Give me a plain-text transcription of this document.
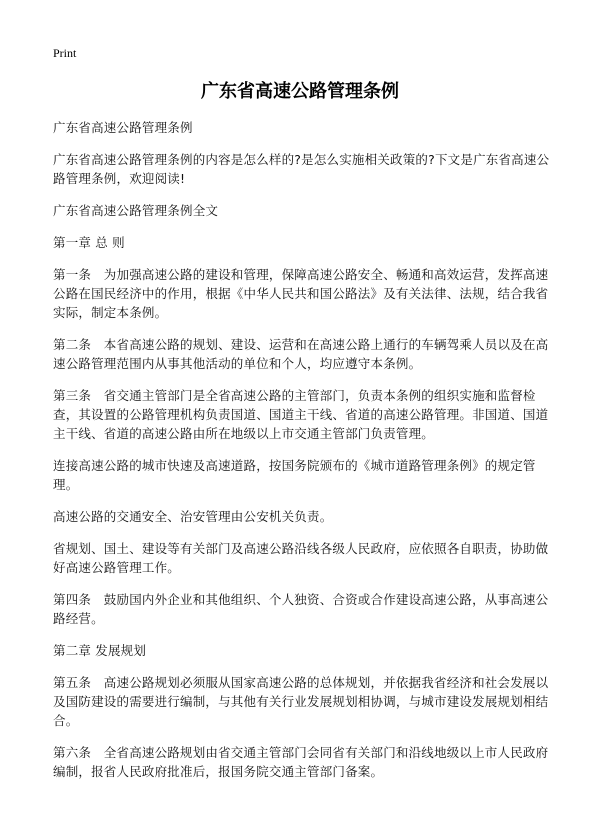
Print
广东省高速公路管理条例

广东省高速公路管理条例

广东省高速公路管理条例的内容是怎么样的?是怎么实施相关政策的?下文是广东省高速公路管理条例，欢迎阅读!

广东省高速公路管理条例全文

第一章 总 则

第一条　为加强高速公路的建设和管理，保障高速公路安全、畅通和高效运营，发挥高速公路在国民经济中的作用，根据《中华人民共和国公路法》及有关法律、法规，结合我省实际，制定本条例。

第二条　本省高速公路的规划、建设、运营和在高速公路上通行的车辆驾乘人员以及在高速公路管理范围内从事其他活动的单位和个人，均应遵守本条例。

第三条　省交通主管部门是全省高速公路的主管部门，负责本条例的组织实施和监督检查，其设置的公路管理机构负责国道、国道主干线、省道的高速公路管理。非国道、国道主干线、省道的高速公路由所在地级以上市交通主管部门负责管理。

连接高速公路的城市快速及高速道路，按国务院颁布的《城市道路管理条例》的规定管理。

高速公路的交通安全、治安管理由公安机关负责。

省规划、国土、建设等有关部门及高速公路沿线各级人民政府，应依照各自职责，协助做好高速公路管理工作。

第四条　鼓励国内外企业和其他组织、个人独资、合资或合作建设高速公路，从事高速公路经营。

第二章 发展规划

第五条　高速公路规划必须服从国家高速公路的总体规划，并依据我省经济和社会发展以及国防建设的需要进行编制，与其他有关行业发展规划相协调，与城市建设发展规划相结合。

第六条　全省高速公路规划由省交通主管部门会同省有关部门和沿线地级以上市人民政府编制，报省人民政府批准后，报国务院交通主管部门备案。
